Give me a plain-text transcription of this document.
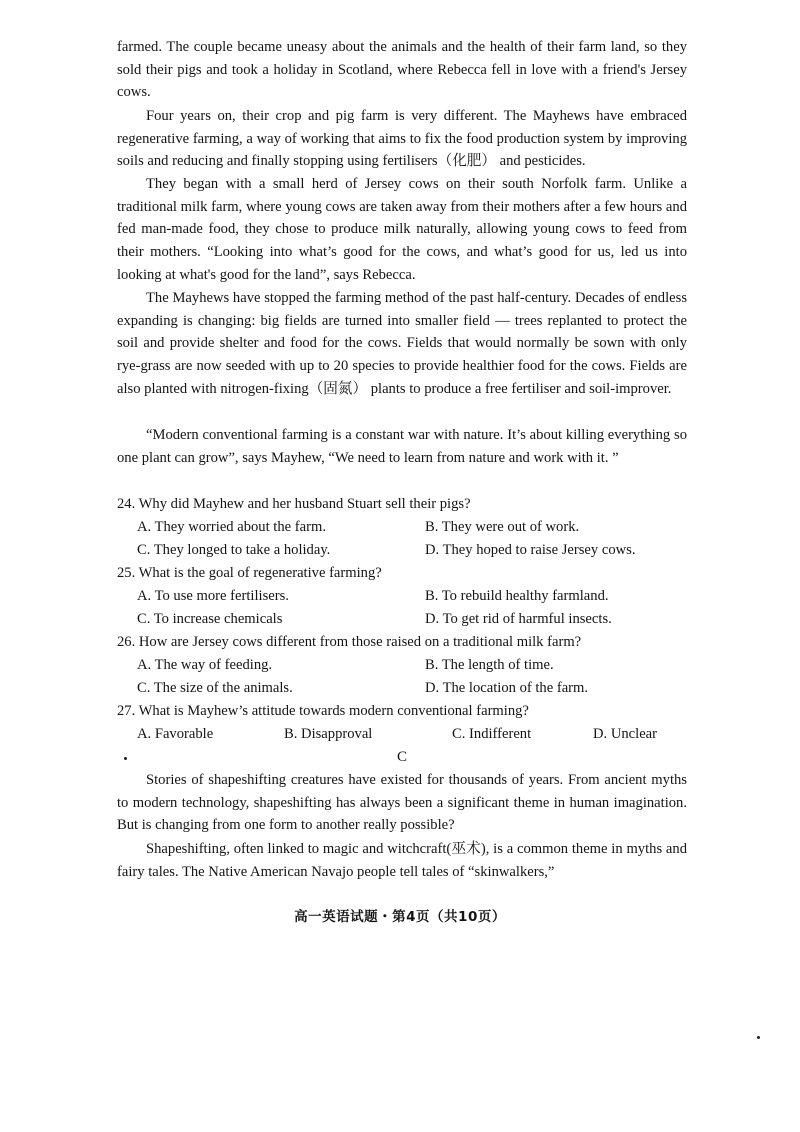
farmed. The couple became uneasy about the animals and the health of their farm land, so they sold their pigs and took a holiday in Scotland, where Rebecca fell in love with a friend's Jersey cows.

Four years on, their crop and pig farm is very different. The Mayhews have embraced regenerative farming, a way of working that aims to fix the food production system by improving soils and reducing and finally stopping using fertilisers（化肥） and pesticides.

They began with a small herd of Jersey cows on their south Norfolk farm. Unlike a traditional milk farm, where young cows are taken away from their mothers after a few hours and fed man-made food, they chose to produce milk naturally, allowing young cows to feed from their mothers. “Looking into what’s good for the cows, and what’s good for us, led us into looking at what's good for the land”, says Rebecca.

The Mayhews have stopped the farming method of the past half-century. Decades of endless expanding is changing: big fields are turned into smaller field — trees replanted to protect the soil and provide shelter and food for the cows. Fields that would normally be sown with only rye-grass are now seeded with up to 20 species to provide healthier food for the cows. Fields are also planted with nitrogen-fixing（固氮） plants to produce a free fertiliser and soil-improver.

“Modern conventional farming is a constant war with nature. It’s about killing everything so one plant can grow”, says Mayhew, “We need to learn from nature and work with it. ”

24. Why did Mayhew and her husband Stuart sell their pigs?

A. They worried about the farm.	B. They were out of work.

C. They longed to take a holiday.	D. They hoped to raise Jersey cows.

25. What is the goal of regenerative farming?

A. To use more fertilisers.	B. To rebuild healthy farmland.

C. To increase chemicals	D. To get rid of harmful insects.

26. How are Jersey cows different from those raised on a traditional milk farm?

A. The way of feeding.	B. The length of time.

C. The size of the animals.	D. The location of the farm.

27. What is Mayhew’s attitude towards modern conventional farming?

A. Favorable	B. Disapproval	C. Indifferent	D. Unclear

C

Stories of shapeshifting creatures have existed for thousands of years. From ancient myths to modern technology, shapeshifting has always been a significant theme in human imagination. But is changing from one form to another really possible?

Shapeshifting, often linked to magic and witchcraft(巫术), is a common theme in myths and fairy tales. The Native American Navajo people tell tales of “skinwalkers,”

高一英语试题・第4页（共10页）
